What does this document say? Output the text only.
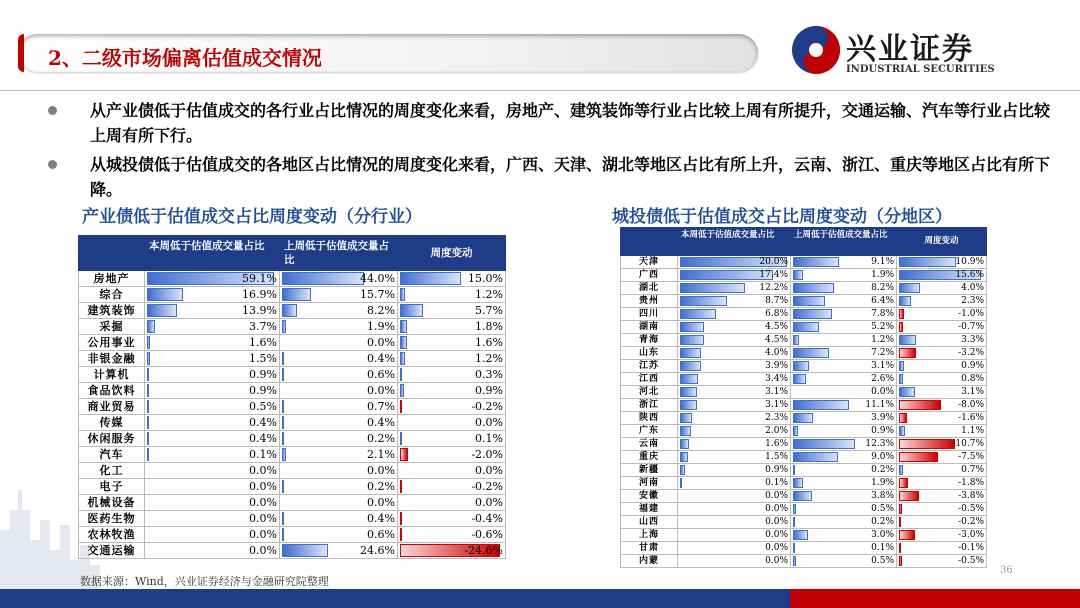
2、二级市场偏离估值成交情况	兴业证券
INDUSTRIAL SECURITIES
从产业债低于估值成交的各行业占比情况的周度变化来看，房地产、建筑装饰等行业占比较上周有所提升，交通运输、汽车等行业占比较上周有所下行。
从城投债低于估值成交的各地区占比情况的周度变化来看，广西、天津、湖北等地区占比有所上升，云南、浙江、重庆等地区占比有所下降。
产业债低于估值成交占比周度变动（分行业）	城投债低于估值成交占比周度变动（分地区）
	本周低于估值成交量占比	上周低于估值成交量占比	周度变动
房地产	59.1%	44.0%	15.0%
综合	16.9%	15.7%	1.2%
建筑装饰	13.9%	8.2%	5.7%
采掘	3.7%	1.9%	1.8%
公用事业	1.6%	0.0%	1.6%
非银金融	1.5%	0.4%	1.2%
计算机	0.9%	0.6%	0.3%
食品饮料	0.9%	0.0%	0.9%
商业贸易	0.5%	0.7%	-0.2%
传媒	0.4%	0.4%	0.0%
休闲服务	0.4%	0.2%	0.1%
汽车	0.1%	2.1%	-2.0%
化工	0.0%	0.0%	0.0%
电子	0.0%	0.2%	-0.2%
机械设备	0.0%	0.0%	0.0%
医药生物	0.0%	0.4%	-0.4%
农林牧渔	0.0%	0.6%	-0.6%
交通运输	0.0%	24.6%	-24.6%
	本周低于估值成交量占比	上周低于估值成交量占比	周度变动
天津	20.0%	9.1%	10.9%
广西	17.4%	1.9%	15.6%
湖北	12.2%	8.2%	4.0%
贵州	8.7%	6.4%	2.3%
四川	6.8%	7.8%	-1.0%
湖南	4.5%	5.2%	-0.7%
青海	4.5%	1.2%	3.3%
山东	4.0%	7.2%	-3.2%
江苏	3.9%	3.1%	0.9%
江西	3.4%	2.6%	0.8%
河北	3.1%	0.0%	3.1%
浙江	3.1%	11.1%	-8.0%
陕西	2.3%	3.9%	-1.6%
广东	2.0%	0.9%	1.1%
云南	1.6%	12.3%	-10.7%
重庆	1.5%	9.0%	-7.5%
新疆	0.9%	0.2%	0.7%
河南	0.1%	1.9%	-1.8%
安徽	0.0%	3.8%	-3.8%
福建	0.0%	0.5%	-0.5%
山西	0.0%	0.2%	-0.2%
上海	0.0%	3.0%	-3.0%
甘肃	0.0%	0.1%	-0.1%
内蒙	0.0%	0.5%	-0.5%
数据来源：Wind，兴业证券经济与金融研究院整理
36
